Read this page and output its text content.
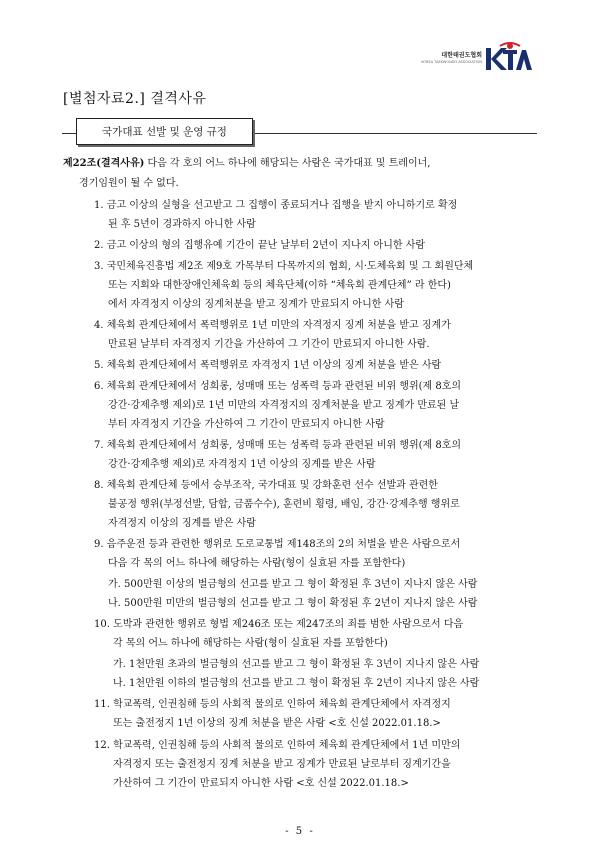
대한태권도협회
KOREA TAEKWONDO ASSOCIATION
[별첨자료2.] 결격사유
국가대표 선발 및 운영 규정
제22조(결격사유) 다음 각 호의 어느 하나에 해당되는 사람은 국가대표 및 트레이너,
경기임원이 될 수 없다.
1. 금고 이상의 실형을 선고받고 그 집행이 종료되거나 집행을 받지 아니하기로 확정
된 후 5년이 경과하지 아니한 사람
2. 금고 이상의 형의 집행유예 기간이 끝난 날부터 2년이 지나지 아니한 사람
3. 국민체육진흥법 제2조 제9호 가목부터 다목까지의 협회, 시·도체육회 및 그 회원단체
또는 지회와 대한장애인체육회 등의 체육단체(이하 “체육회 관계단체” 라 한다)
에서 자격정지 이상의 징계처분을 받고 징계가 만료되지 아니한 사람
4. 체육회 관계단체에서 폭력행위로 1년 미만의 자격정지 징계 처분을 받고 징계가
만료된 날부터 자격정지 기간을 가산하여 그 기간이 만료되지 아니한 사람.
5. 체육회 관계단체에서 폭력행위로 자격정지 1년 이상의 징계 처분을 받은 사람
6. 체육회 관계단체에서 성희롱, 성매매 또는 성폭력 등과 관련된 비위 행위(제 8호의
강간·강제추행 제외)로 1년 미만의 자격정지의 징계처분을 받고 징계가 만료된 날
부터 자격정지 기간을 가산하여 그 기간이 만료되지 아니한 사람
7. 체육회 관계단체에서 성희롱, 성매매 또는 성폭력 등과 관련된 비위 행위(제 8호의
강간·강제추행 제외)로 자격정지 1년 이상의 징계를 받은 사람
8. 체육회 관계단체 등에서 승부조작, 국가대표 및 강화훈련 선수 선발과 관련한
불공정 행위(부정선발, 담합, 금품수수), 훈련비 횡령, 배임, 강간·강제추행 행위로
자격정지 이상의 징계를 받은 사람
9. 음주운전 등과 관련한 행위로 도로교통법 제148조의 2의 처벌을 받은 사람으로서
다음 각 목의 어느 하나에 해당하는 사람(형이 실효된 자를 포함한다)
가. 500만원 이상의 벌금형의 선고를 받고 그 형이 확정된 후 3년이 지나지 않은 사람
나. 500만원 미만의 벌금형의 선고를 받고 그 형이 확정된 후 2년이 지나지 않은 사람
10. 도박과 관련한 행위로 형법 제246조 또는 제247조의 죄를 범한 사람으로서 다음
각 목의 어느 하나에 해당하는 사람(형이 실효된 자를 포함한다)
가. 1천만원 초과의 벌금형의 선고를 받고 그 형이 확정된 후 3년이 지나지 않은 사람
나. 1천만원 이하의 벌금형의 선고를 받고 그 형이 확정된 후 2년이 지나지 않은 사람
11. 학교폭력, 인권침해 등의 사회적 물의로 인하여 체육회 관계단체에서 자격정지
또는 출전정지 1년 이상의 징계 처분을 받은 사람 <호 신설 2022.01.18.>
12. 학교폭력, 인권침해 등의 사회적 물의로 인하여 체육회 관계단체에서 1년 미만의
자격정지 또는 출전정지 징계 처분을 받고 징계가 만료된 날로부터 징계기간을
가산하여 그 기간이 만료되지 아니한 사람 <호 신설 2022.01.18.>
- 5 -
